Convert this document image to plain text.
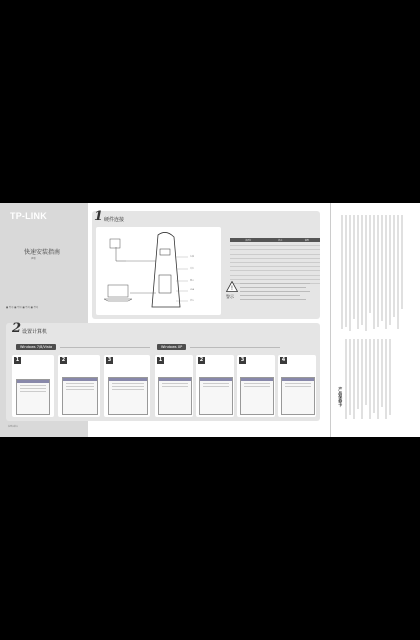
TP-LINK
快速安装指南
声明
■ 型号 ■ 型号 ■ 型号 ■ 型号
说明书版本
1 硬件连接
电源
复位
网口
USB
状态
指示灯	状态	说明

!
警示
2 设置计算机
Windows 7/8/Vista	Windows XP
1	2	3	1	2	3	4
产品保修卡
